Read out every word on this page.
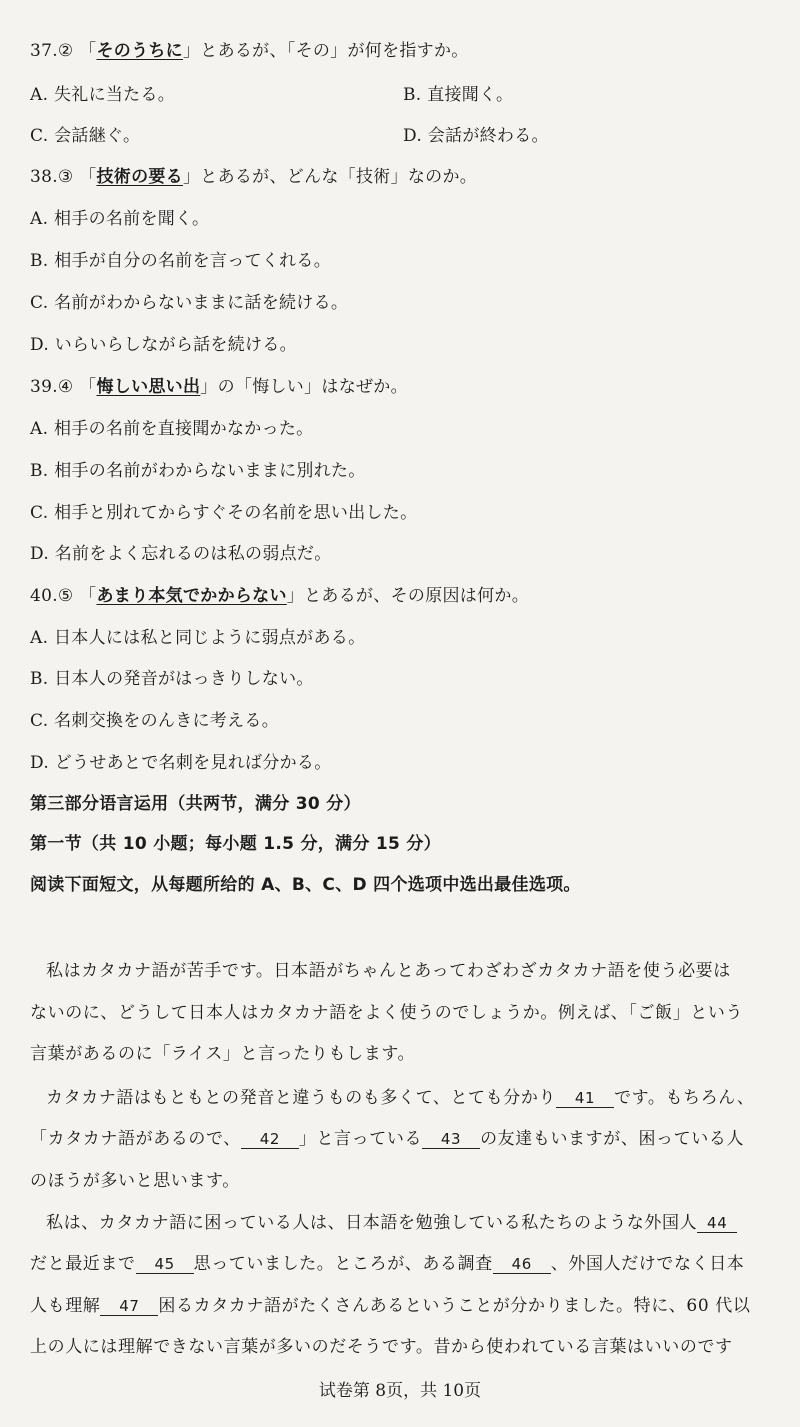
37.② 「そのうちに」とあるが、「その」が何を指すか。
A. 失礼に当たる。	B. 直接聞く。
C. 会話継ぐ。	D. 会話が終わる。
38.③ 「技術の要る」とあるが、どんな「技術」なのか。
A. 相手の名前を聞く。
B. 相手が自分の名前を言ってくれる。
C. 名前がわからないままに話を続ける。
D. いらいらしながら話を続ける。
39.④ 「悔しい思い出」の「悔しい」はなぜか。
A. 相手の名前を直接聞かなかった。
B. 相手の名前がわからないままに別れた。
C. 相手と別れてからすぐその名前を思い出した。
D. 名前をよく忘れるのは私の弱点だ。
40.⑤ 「あまり本気でかからない」とあるが、その原因は何か。
A. 日本人には私と同じように弱点がある。
B. 日本人の発音がはっきりしない。
C. 名刺交換をのんきに考える。
D. どうせあとで名刺を見れば分かる。
第三部分语言运用（共两节，满分 30 分）
第一节（共 10 小题；每小题 1.5 分，满分 15 分）
阅读下面短文，从每题所给的 A、B、C、D 四个选项中选出最佳选项。
私はカタカナ語が苦手です。日本語がちゃんとあってわざわざカタカナ語を使う必要は
ないのに、どうして日本人はカタカナ語をよく使うのでしょうか。例えば、「ご飯」という
言葉があるのに「ライス」と言ったりもします。
カタカナ語はもともとの発音と違うものも多くて、とても分かり 41 です。もちろん、
「カタカナ語があるので、 42 」と言っている 43 の友達もいますが、困っている人
のほうが多いと思います。
私は、カタカナ語に困っている人は、日本語を勉強している私たちのような外国人 44
だと最近まで 45 思っていました。ところが、ある調査 46 、外国人だけでなく日本
人も理解 47 困るカタカナ語がたくさんあるということが分かりました。特に、60 代以
上の人には理解できない言葉が多いのだそうです。昔から使われている言葉はいいのです
试卷第 8页，共 10页
